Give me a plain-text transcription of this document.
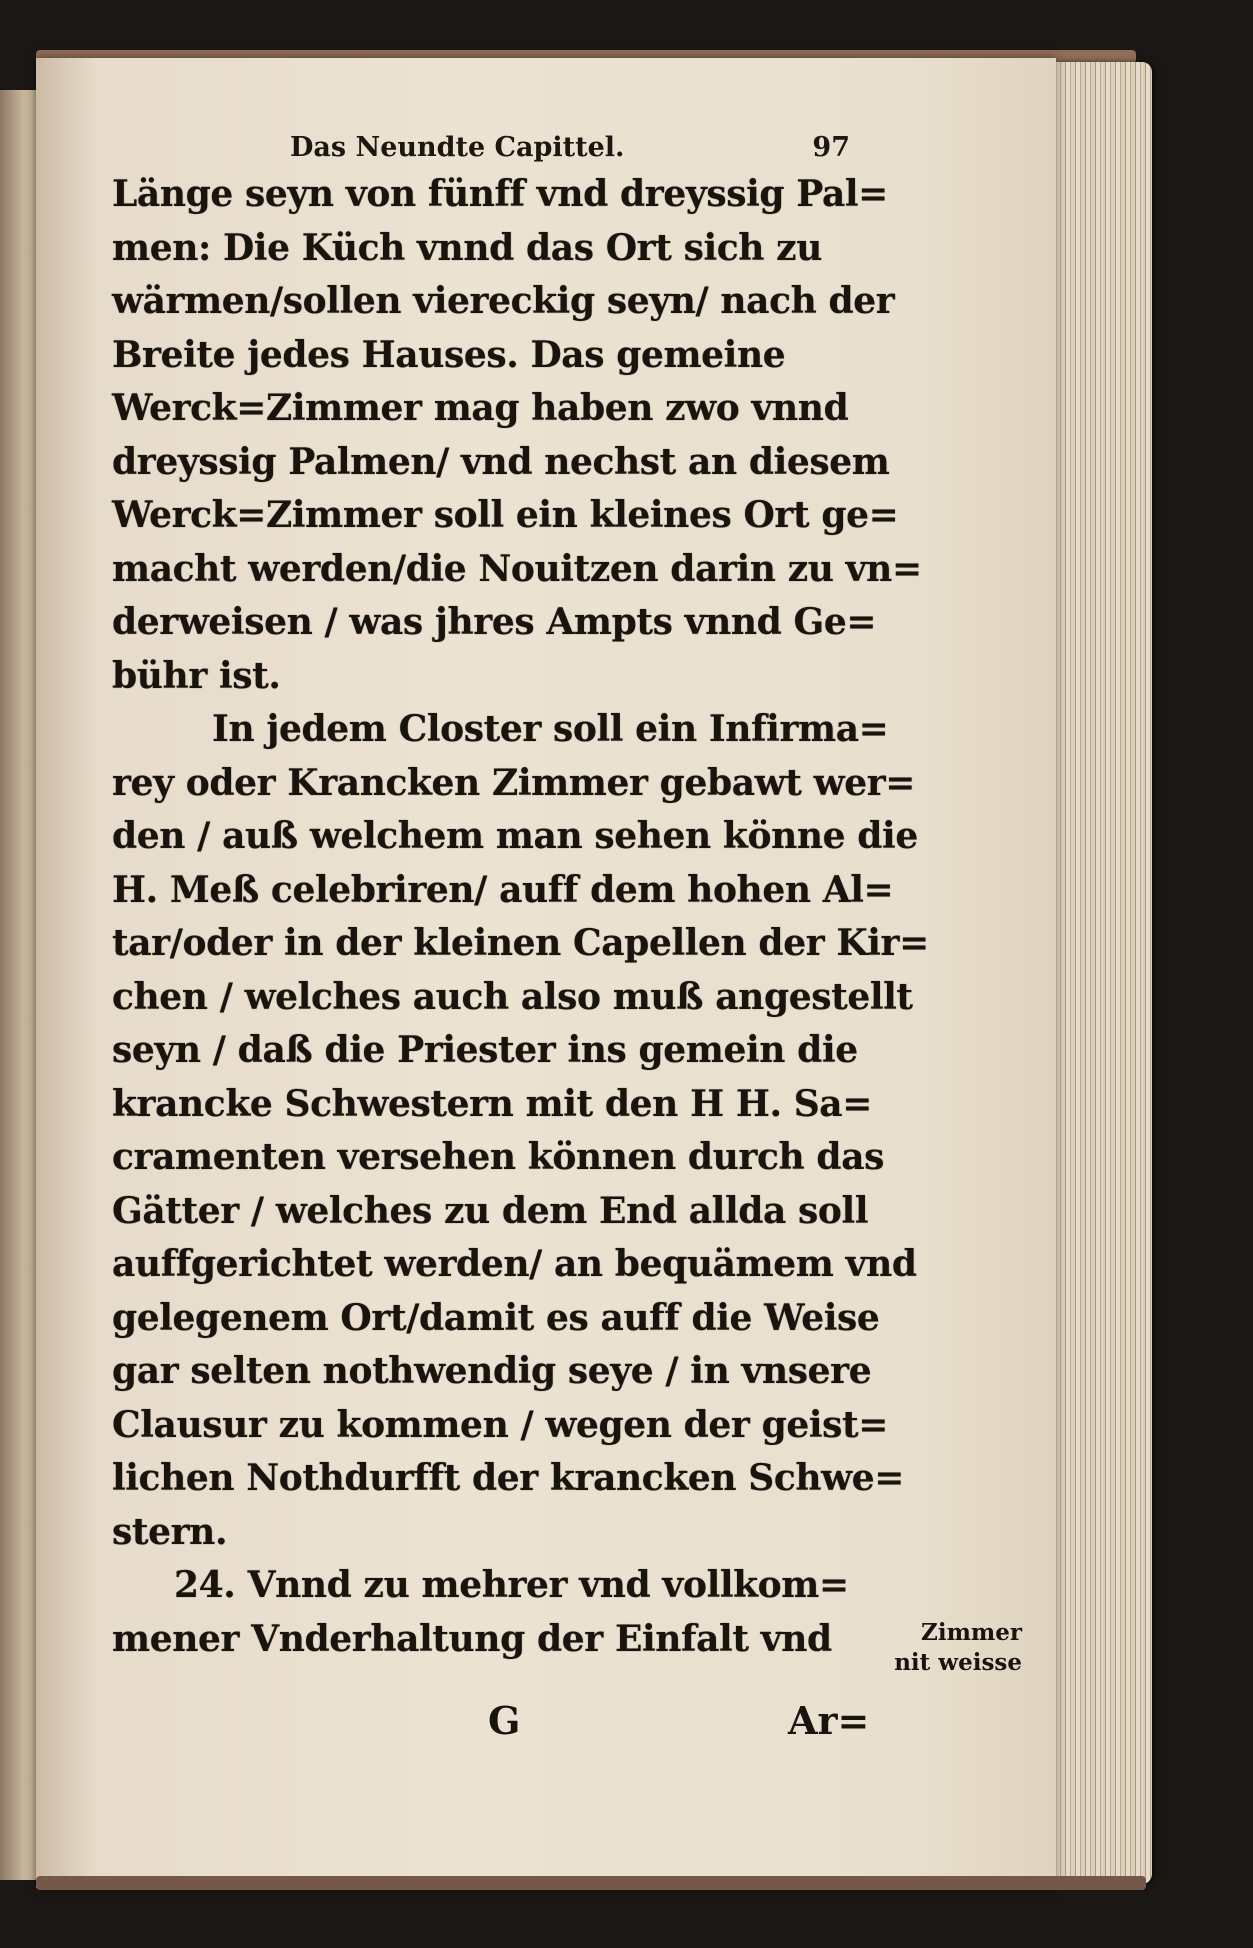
Das Neundte Capittel.	97
Länge seyn von fünff vnd dreyssig Pal=
men: Die Küch vnnd das Ort sich zu
wärmen/sollen viereckig seyn/ nach der
Breite jedes Hauses. Das gemeine
Werck=Zimmer mag haben zwo vnnd
dreyssig Palmen/ vnd nechst an diesem
Werck=Zimmer soll ein kleines Ort ge=
macht werden/die Nouitzen darin zu vn=
derweisen / was jhres Ampts vnnd Ge=
bühr ist.
In jedem Closter soll ein Infirma=
rey oder Krancken Zimmer gebawt wer=
den / auß welchem man sehen könne die
H. Meß celebriren/ auff dem hohen Al=
tar/oder in der kleinen Capellen der Kir=
chen / welches auch also muß angestellt
seyn / daß die Priester ins gemein die
krancke Schwestern mit den H H. Sa=
cramenten versehen können durch das
Gätter / welches zu dem End allda soll
auffgerichtet werden/ an bequämem vnd
gelegenem Ort/damit es auff die Weise
gar selten nothwendig seye / in vnsere
Clausur zu kommen / wegen der geist=
lichen Nothdurfft der krancken Schwe=
stern.
24. Vnnd zu mehrer vnd vollkom=
mener Vnderhaltung der Einfalt vnd	Zimmer
nit weisse
G	Ar=
